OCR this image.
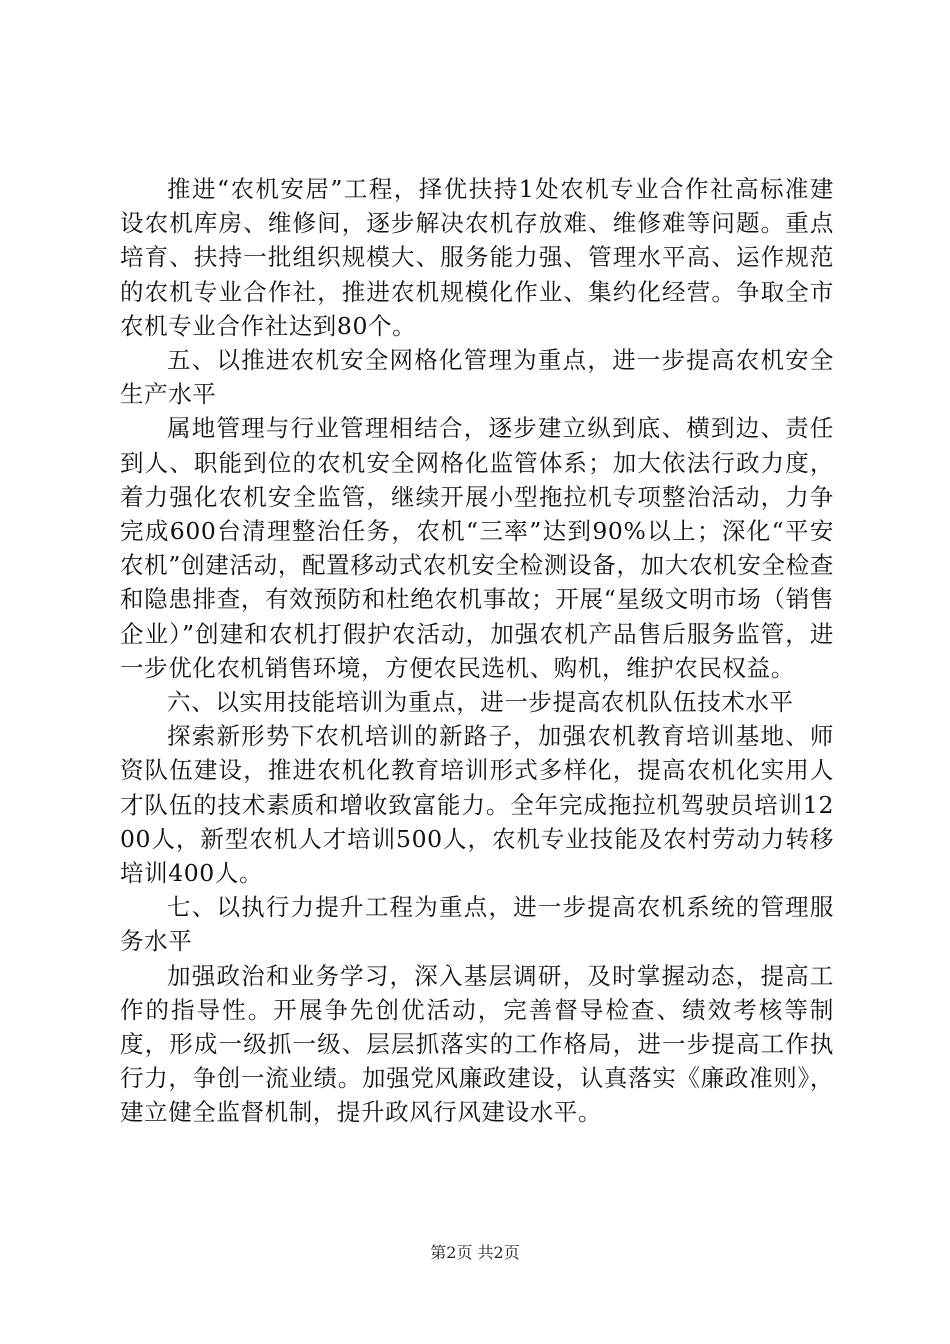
推进“农机安居”工程，择优扶持1处农机专业合作社高标准建设农机库房、维修间，逐步解决农机存放难、维修难等问题。重点培育、扶持一批组织规模大、服务能力强、管理水平高、运作规范的农机专业合作社，推进农机规模化作业、集约化经营。争取全市农机专业合作社达到80个。

五、以推进农机安全网格化管理为重点，进一步提高农机安全生产水平

属地管理与行业管理相结合，逐步建立纵到底、横到边、责任到人、职能到位的农机安全网格化监管体系；加大依法行政力度，着力强化农机安全监管，继续开展小型拖拉机专项整治活动，力争完成600台清理整治任务，农机“三率”达到90%以上；深化“平安农机”创建活动，配置移动式农机安全检测设备，加大农机安全检查和隐患排查，有效预防和杜绝农机事故；开展“星级文明市场（销售企业）”创建和农机打假护农活动，加强农机产品售后服务监管，进一步优化农机销售环境，方便农民选机、购机，维护农民权益。

六、以实用技能培训为重点，进一步提高农机队伍技术水平

探索新形势下农机培训的新路子，加强农机教育培训基地、师资队伍建设，推进农机化教育培训形式多样化，提高农机化实用人才队伍的技术素质和增收致富能力。全年完成拖拉机驾驶员培训1200人，新型农机人才培训500人，农机专业技能及农村劳动力转移培训400人。

七、以执行力提升工程为重点，进一步提高农机系统的管理服务水平

加强政治和业务学习，深入基层调研，及时掌握动态，提高工作的指导性。开展争先创优活动，完善督导检查、绩效考核等制度，形成一级抓一级、层层抓落实的工作格局，进一步提高工作执行力，争创一流业绩。加强党风廉政建设，认真落实《廉政准则》，建立健全监督机制，提升政风行风建设水平。

第2页 共2页
